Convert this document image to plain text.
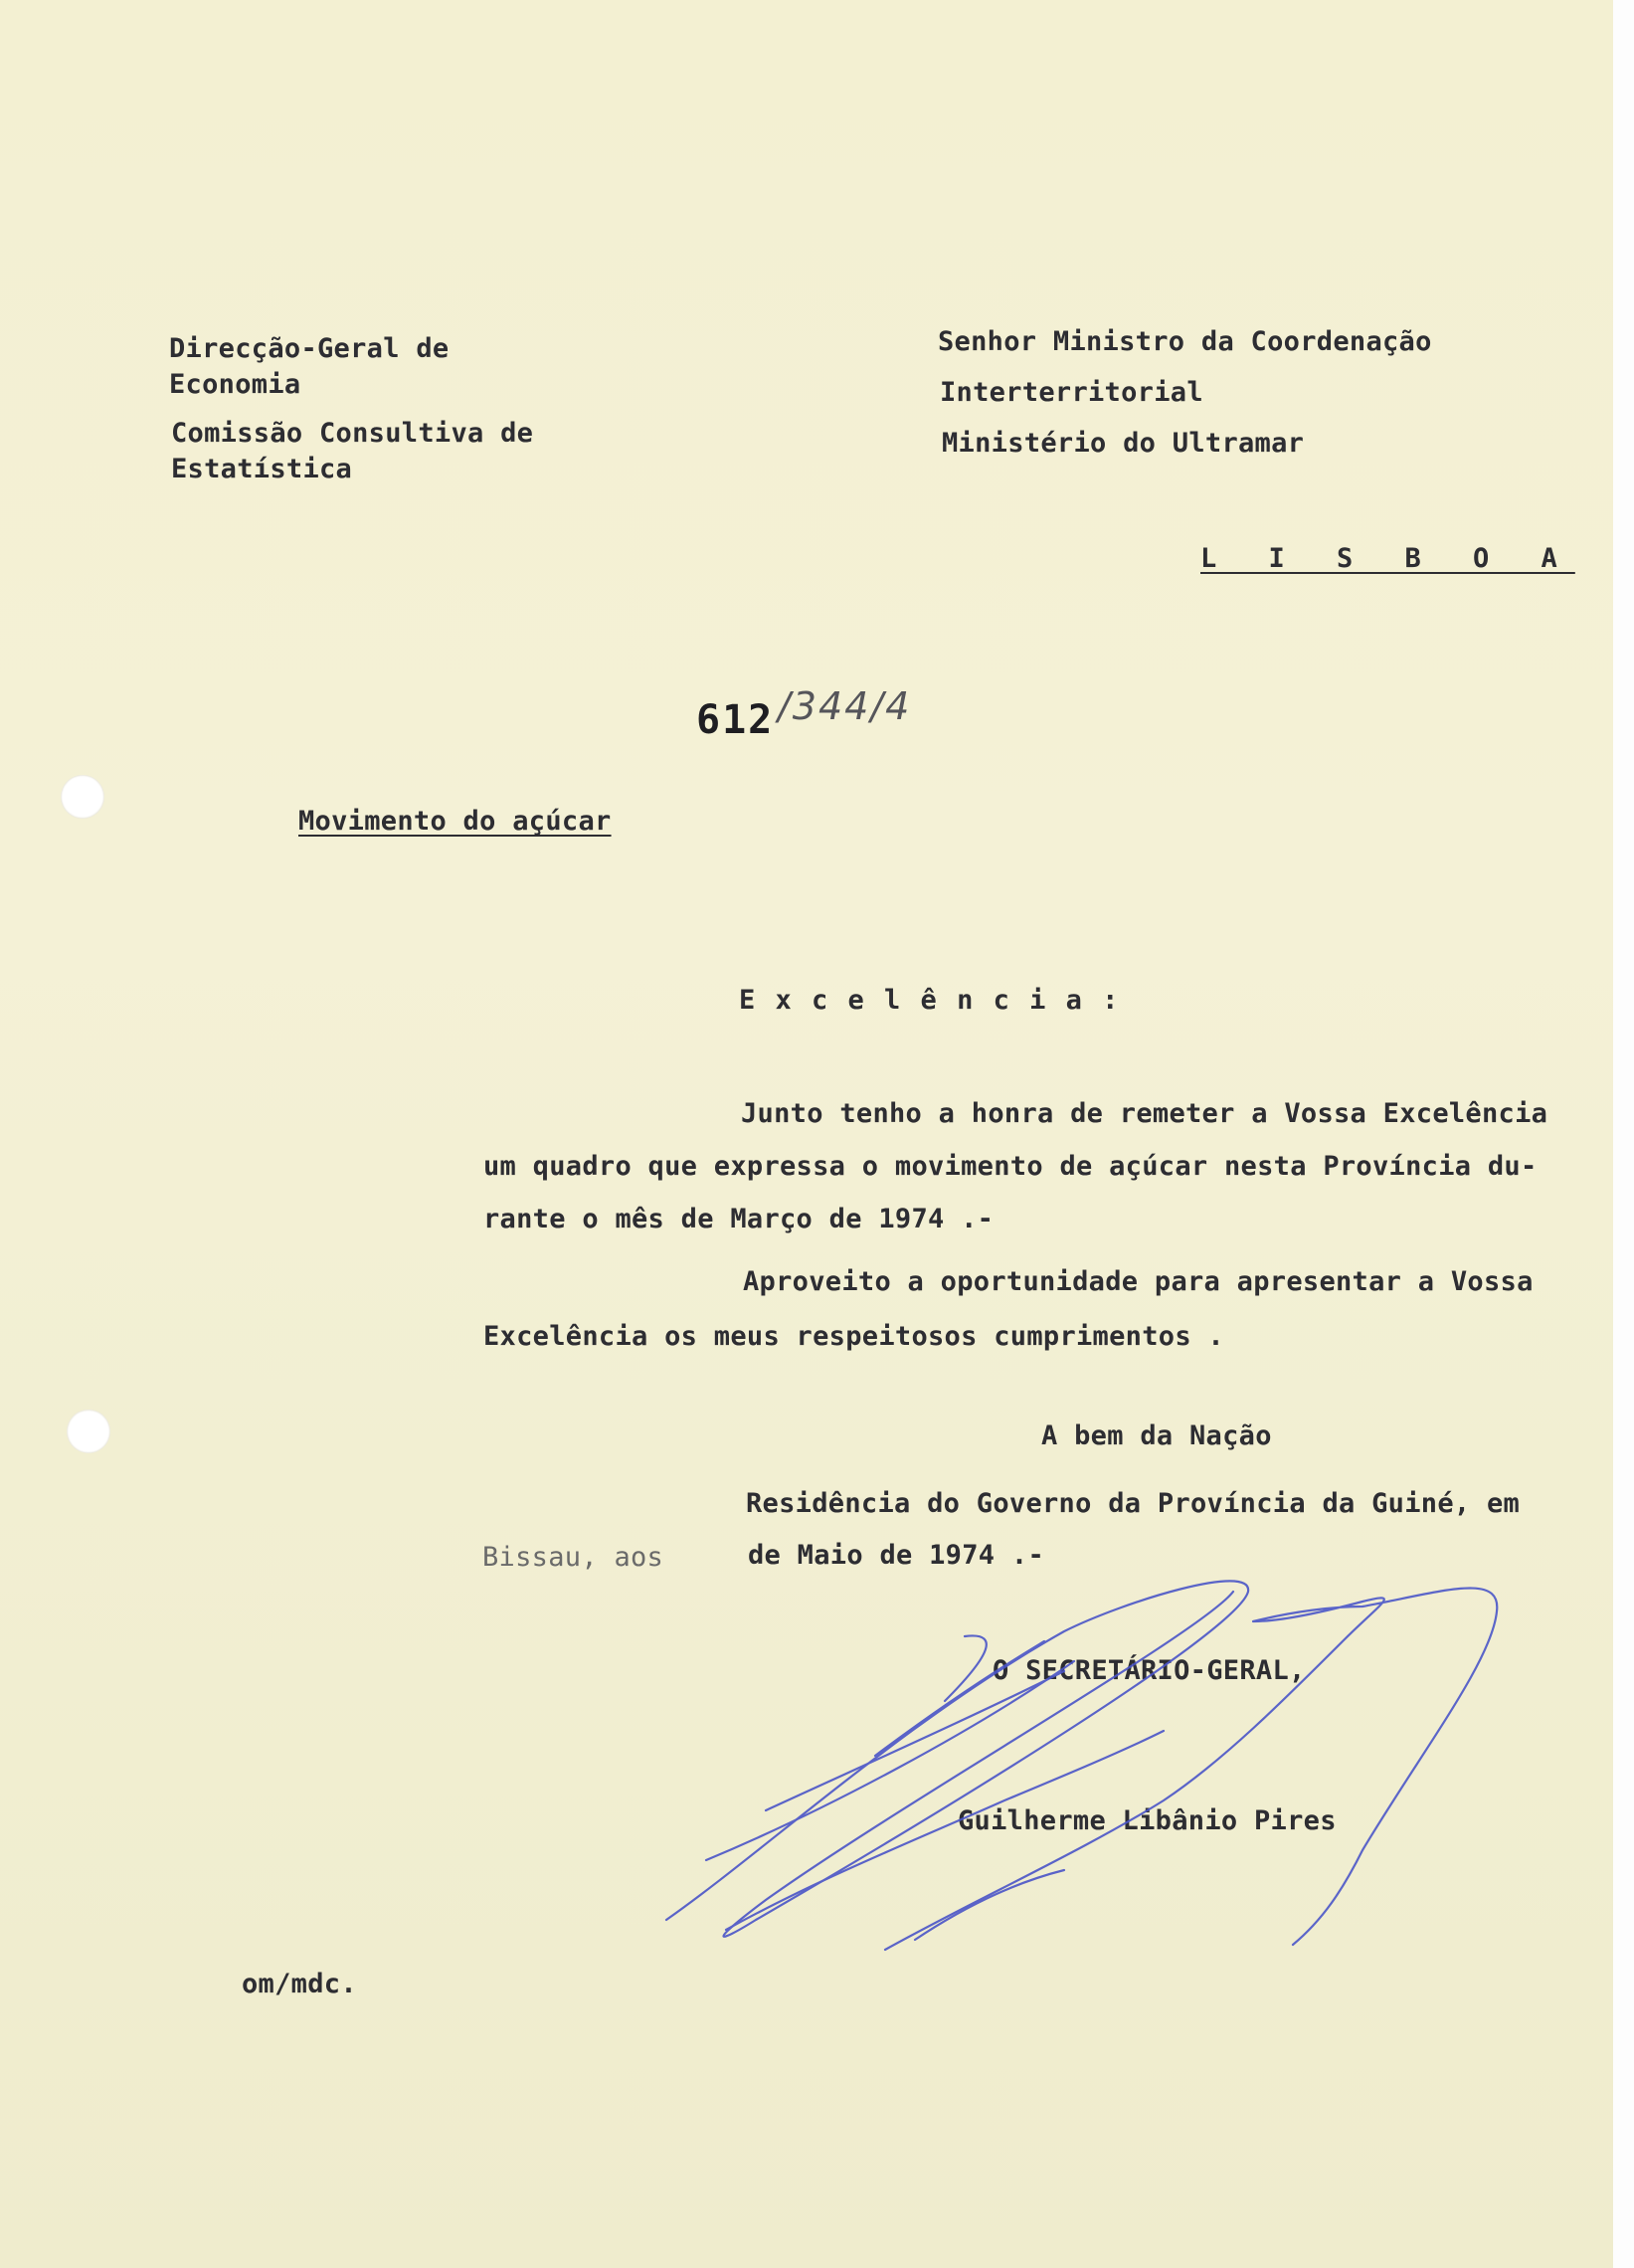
Direcção-Geral de
Economia
Comissão Consultiva de
Estatística
Senhor Ministro da Coordenação
Interterritorial
Ministério do Ultramar
L I S B O A
612 /344/4
Movimento do açúcar
E x c e l ê n c i a :
Junto tenho a honra de remeter a Vossa Excelência
um quadro que expressa o movimento de açúcar nesta Província du-
rante o mês de Março de 1974 .-
Aproveito a oportunidade para apresentar a Vossa
Excelência os meus respeitosos cumprimentos .
A bem da Nação
Residência do Governo da Província da Guiné, em
Bissau, aos	de Maio de 1974 .-
O SECRETÁRIO-GERAL,
Guilherme Libânio Pires
om/mdc.
